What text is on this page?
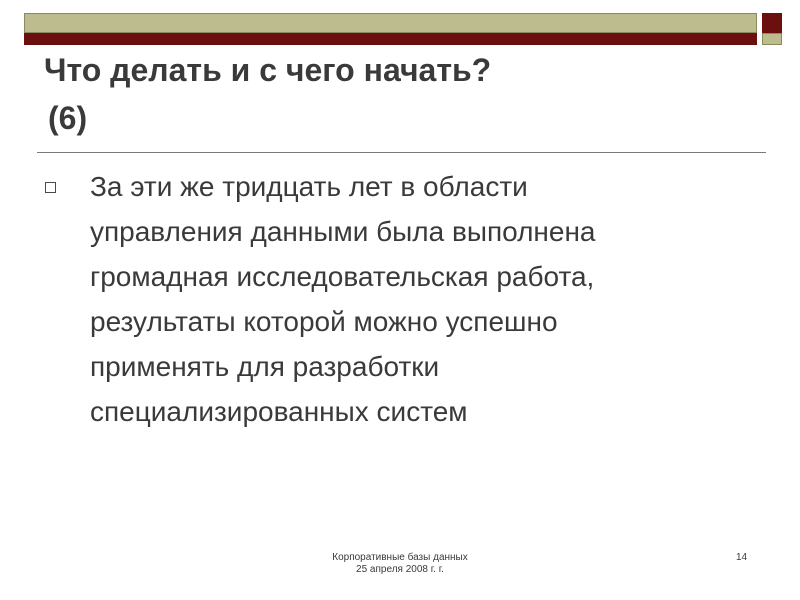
Что делать и с чего начать?
(6)
За эти же тридцать лет в области
управления данными была выполнена
громадная исследовательская работа,
результаты которой можно успешно
применять для разработки
специализированных систем
Корпоративные базы данных
25 апреля 2008 г. г.
14
